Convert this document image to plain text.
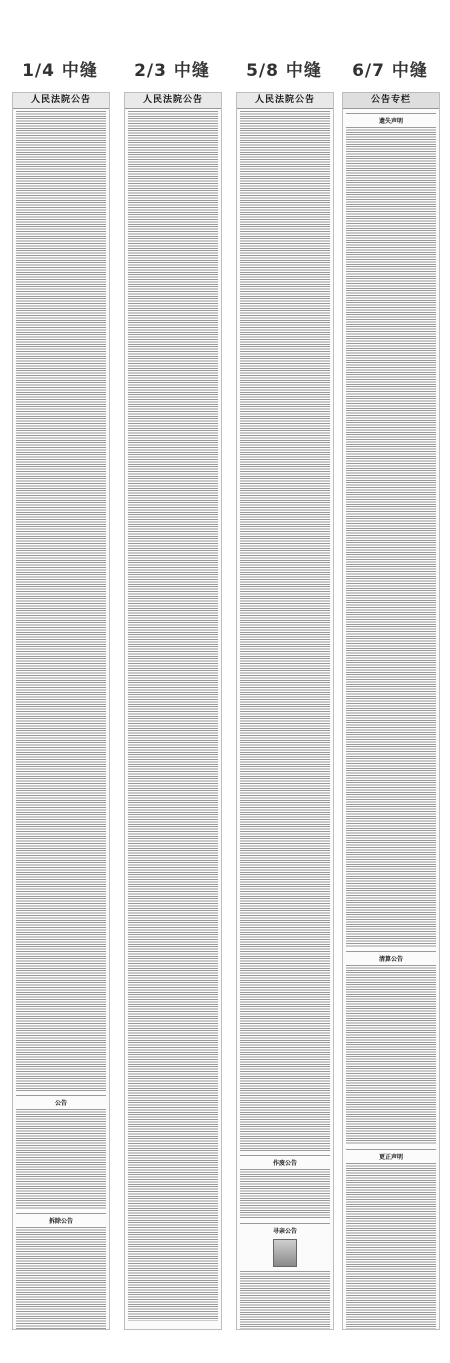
1/4 中缝	2/3 中缝	5/8 中缝	6/7 中缝
人民法院公告
公告
拆除公告
人民法院公告	人民法院公告
作废公告
寻亲公告
公告专栏
遗失声明
清算公告
更正声明
